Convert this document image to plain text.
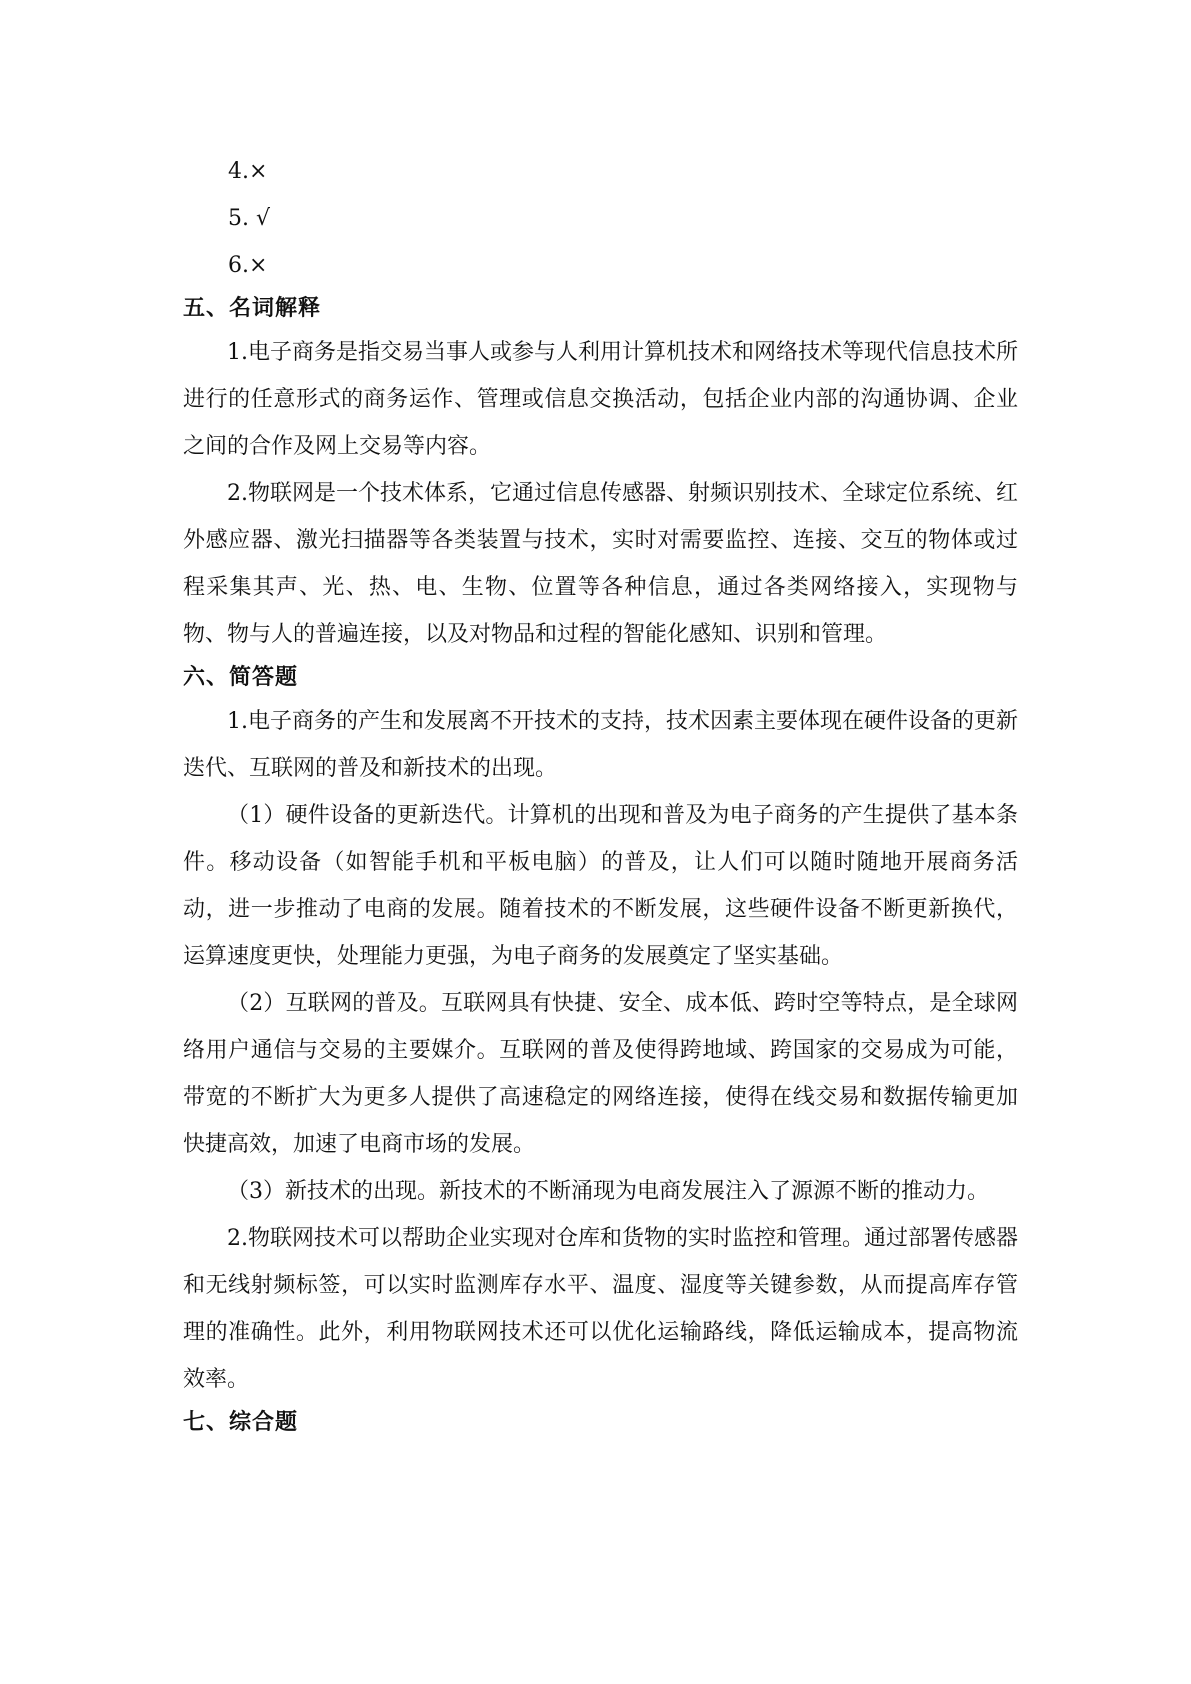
4.×
5. √
6.×
五、名词解释

1.电子商务是指交易当事人或参与人利用计算机技术和网络技术等现代信息技术所进行的任意形式的商务运作、管理或信息交换活动，包括企业内部的沟通协调、企业之间的合作及网上交易等内容。

2.物联网是一个技术体系，它通过信息传感器、射频识别技术、全球定位系统、红外感应器、激光扫描器等各类装置与技术，实时对需要监控、连接、交互的物体或过程采集其声、光、热、电、生物、位置等各种信息，通过各类网络接入，实现物与物、物与人的普遍连接，以及对物品和过程的智能化感知、识别和管理。

六、简答题

1.电子商务的产生和发展离不开技术的支持，技术因素主要体现在硬件设备的更新迭代、互联网的普及和新技术的出现。

（1）硬件设备的更新迭代。计算机的出现和普及为电子商务的产生提供了基本条件。移动设备（如智能手机和平板电脑）的普及，让人们可以随时随地开展商务活动，进一步推动了电商的发展。随着技术的不断发展，这些硬件设备不断更新换代，运算速度更快，处理能力更强，为电子商务的发展奠定了坚实基础。

（2）互联网的普及。互联网具有快捷、安全、成本低、跨时空等特点，是全球网络用户通信与交易的主要媒介。互联网的普及使得跨地域、跨国家的交易成为可能，带宽的不断扩大为更多人提供了高速稳定的网络连接，使得在线交易和数据传输更加快捷高效，加速了电商市场的发展。

（3）新技术的出现。新技术的不断涌现为电商发展注入了源源不断的推动力。

2.物联网技术可以帮助企业实现对仓库和货物的实时监控和管理。通过部署传感器和无线射频标签，可以实时监测库存水平、温度、湿度等关键参数，从而提高库存管理的准确性。此外，利用物联网技术还可以优化运输路线，降低运输成本，提高物流效率。

七、综合题
